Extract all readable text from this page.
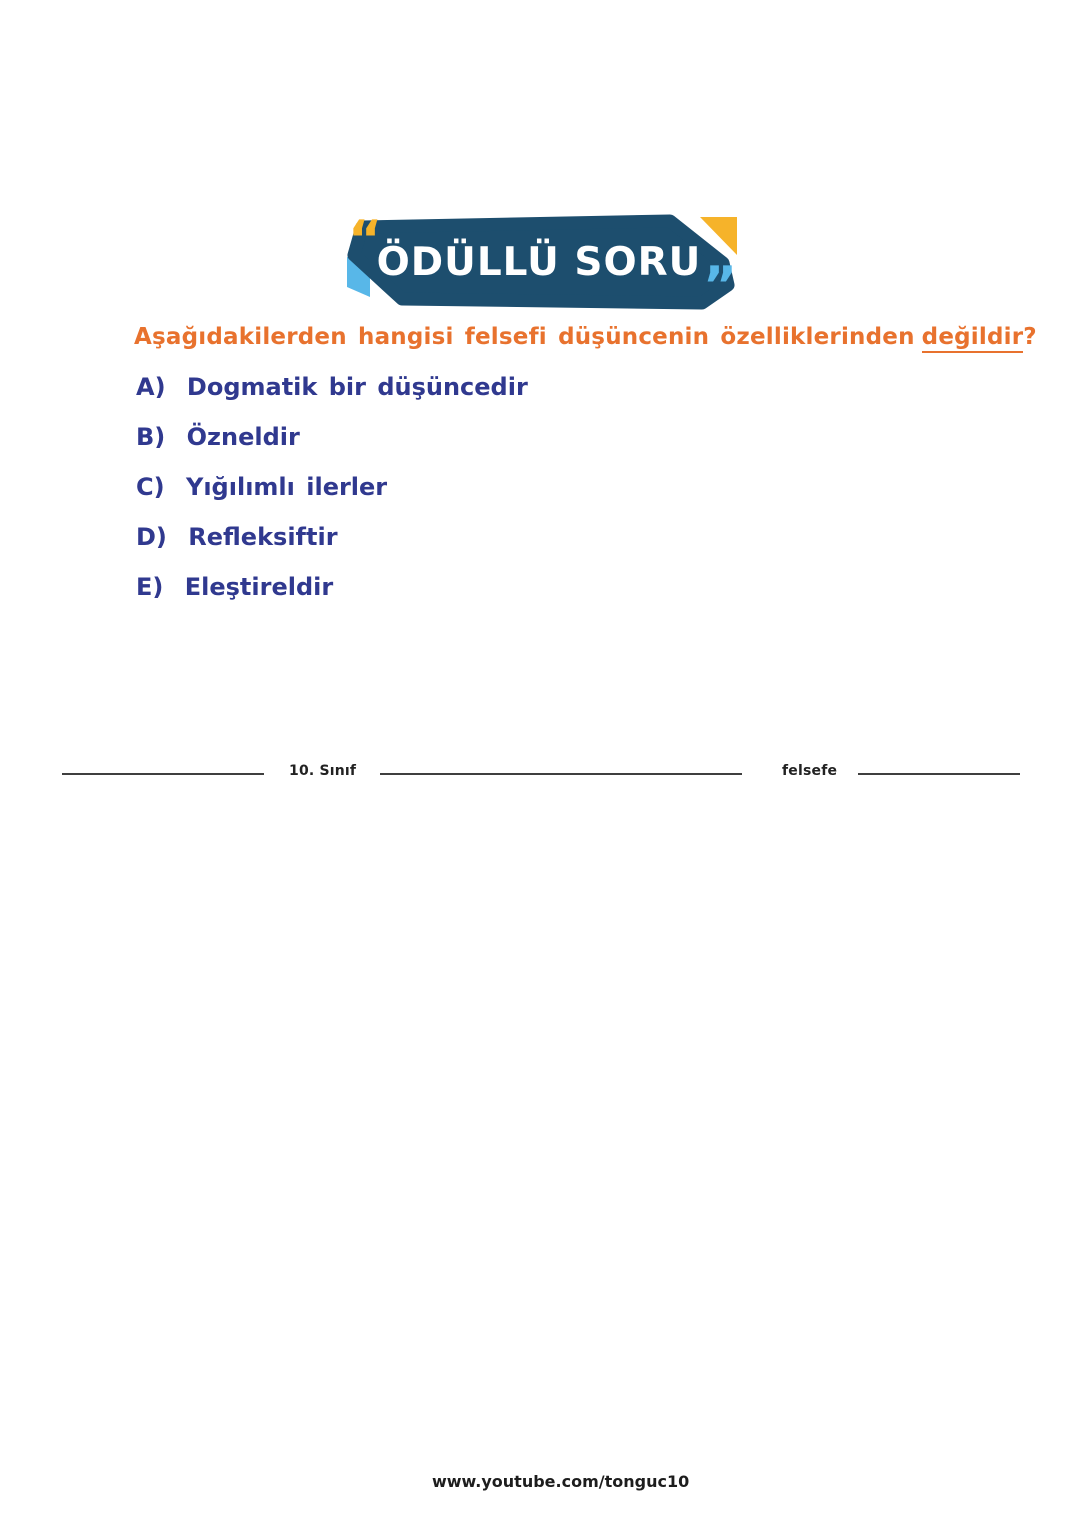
“
”
ÖDÜLLÜ SORU
Aşağıdakilerden hangisi felsefi düşüncenin özelliklerinden değildir?
A) Dogmatik bir düşüncedir
B) Özneldir
C) Yığılımlı ilerler
D) Refleksiftir
E) Eleştireldir
10. Sınıf	felsefe
www.youtube.com/tonguc10
